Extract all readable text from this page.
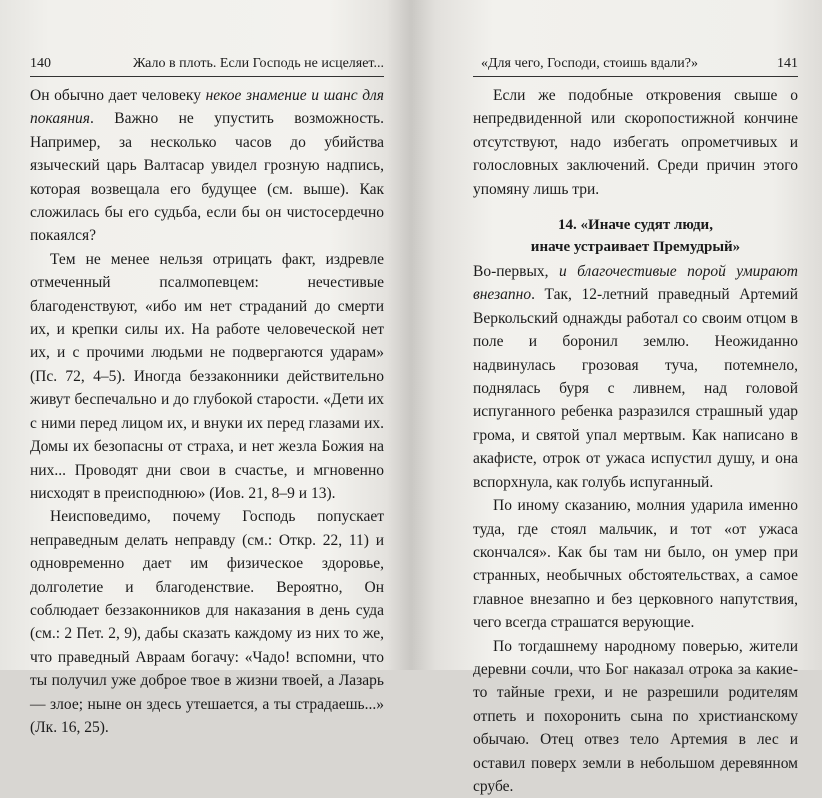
140	Жало в плоть. Если Господь не исцеляет...

Он обычно дает человеку некое знамение и шанс для покаяния. Важно не упустить возможность. Например, за несколько часов до убийства языческий царь Валтасар увидел грозную надпись, которая возвещала его будущее (см. выше). Как сложилась бы его судьба, если бы он чистосердечно покаялся?

Тем не менее нельзя отрицать факт, издревле отмеченный псалмопевцем: нечестивые благоденствуют, «ибо им нет страданий до смерти их, и крепки силы их. На работе человеческой нет их, и с прочими людьми не подвергаются ударам» (Пс. 72, 4–5). Иногда беззаконники действительно живут беспечально и до глубокой старости. «Дети их с ними перед лицом их, и внуки их перед глазами их. Домы их безопасны от страха, и нет жезла Божия на них... Проводят дни свои в счастье, и мгновенно нисходят в преисподнюю» (Иов. 21, 8–9 и 13).

Неисповедимо, почему Господь попускает неправедным делать неправду (см.: Откр. 22, 11) и одновременно дает им физическое здоровье, долголетие и благоденствие. Вероятно, Он соблюдает беззаконников для наказания в день суда (см.: 2 Пет. 2, 9), дабы сказать каждому из них то же, что праведный Авраам богачу: «Чадо! вспомни, что ты получил уже доброе твое в жизни твоей, а Лазарь — злое; ныне он здесь утешается, а ты страдаешь...» (Лк. 16, 25).

«Для чего, Господи, стоишь вдали?»	141

Если же подобные откровения свыше о непредвиденной или скоропостижной кончине отсутствуют, надо избегать опрометчивых и голословных заключений. Среди причин этого упомяну лишь три.

14. «Иначе судят люди,
иначе устраивает Премудрый»

Во-первых, и благочестивые порой умирают внезапно. Так, 12-летний праведный Артемий Веркольский однажды работал со своим отцом в поле и боронил землю. Неожиданно надвинулась грозовая туча, потемнело, поднялась буря с ливнем, над головой испуганного ребенка разразился страшный удар грома, и святой упал мертвым. Как написано в акафисте, отрок от ужаса испустил душу, и она вспорхнула, как голубь испуганный.

По иному сказанию, молния ударила именно туда, где стоял мальчик, и тот «от ужаса скончался». Как бы там ни было, он умер при странных, необычных обстоятельствах, а самое главное внезапно и без церковного напутствия, чего всегда страшатся верующие.

По тогдашнему народному поверью, жители деревни сочли, что Бог наказал отрока за какие-то тайные грехи, и не разрешили родителям отпеть и похоронить сына по христианскому обычаю. Отец отвез тело Артемия в лес и оставил поверх земли в небольшом деревянном срубе.
